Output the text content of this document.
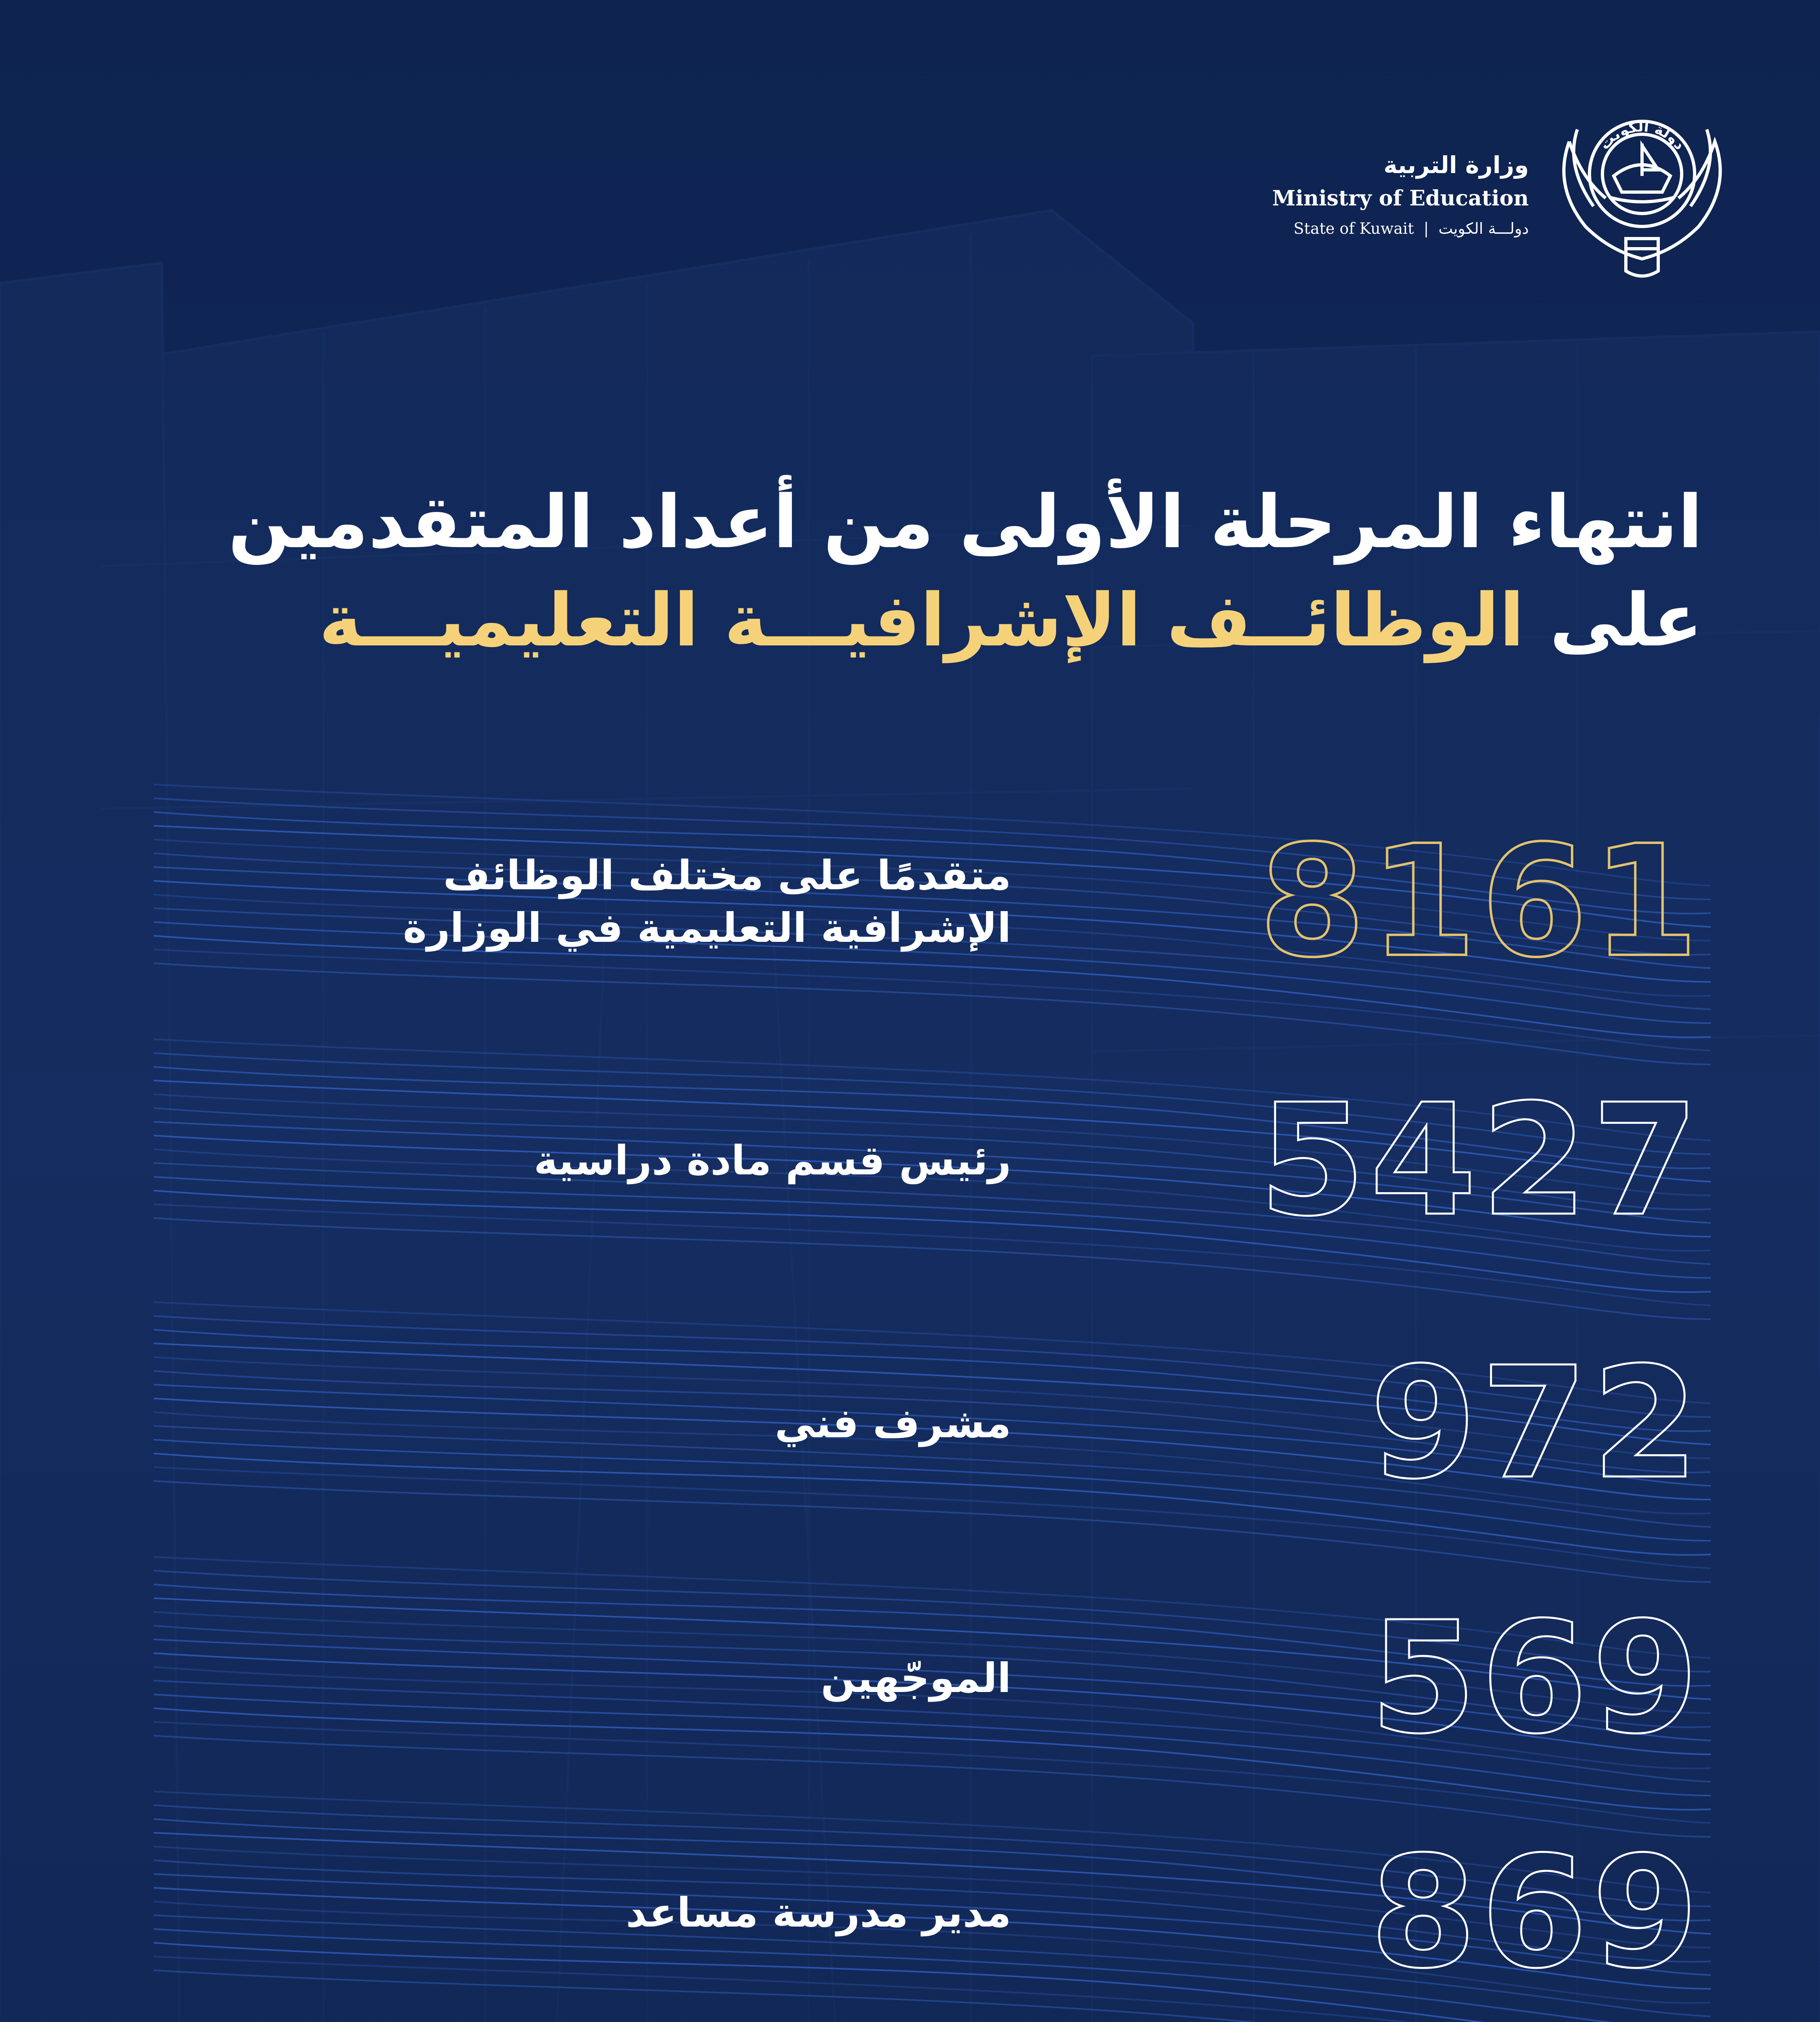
وزارة التربية
Ministry of Education
State of Kuwait | دولـــة الكويت
دولة الكويت
انتهاء المرحلة الأولى من أعداد المتقدمين
على الوظائــف الإشرافيـــة التعليميـــة
8161
متقدمًا على مختلف الوظائف الإشرافية التعليمية في الوزارة
5427
رئيس قسم مادة دراسية
972
مشرف فني
569
الموجّهين
869
مدير مدرسة مساعد
